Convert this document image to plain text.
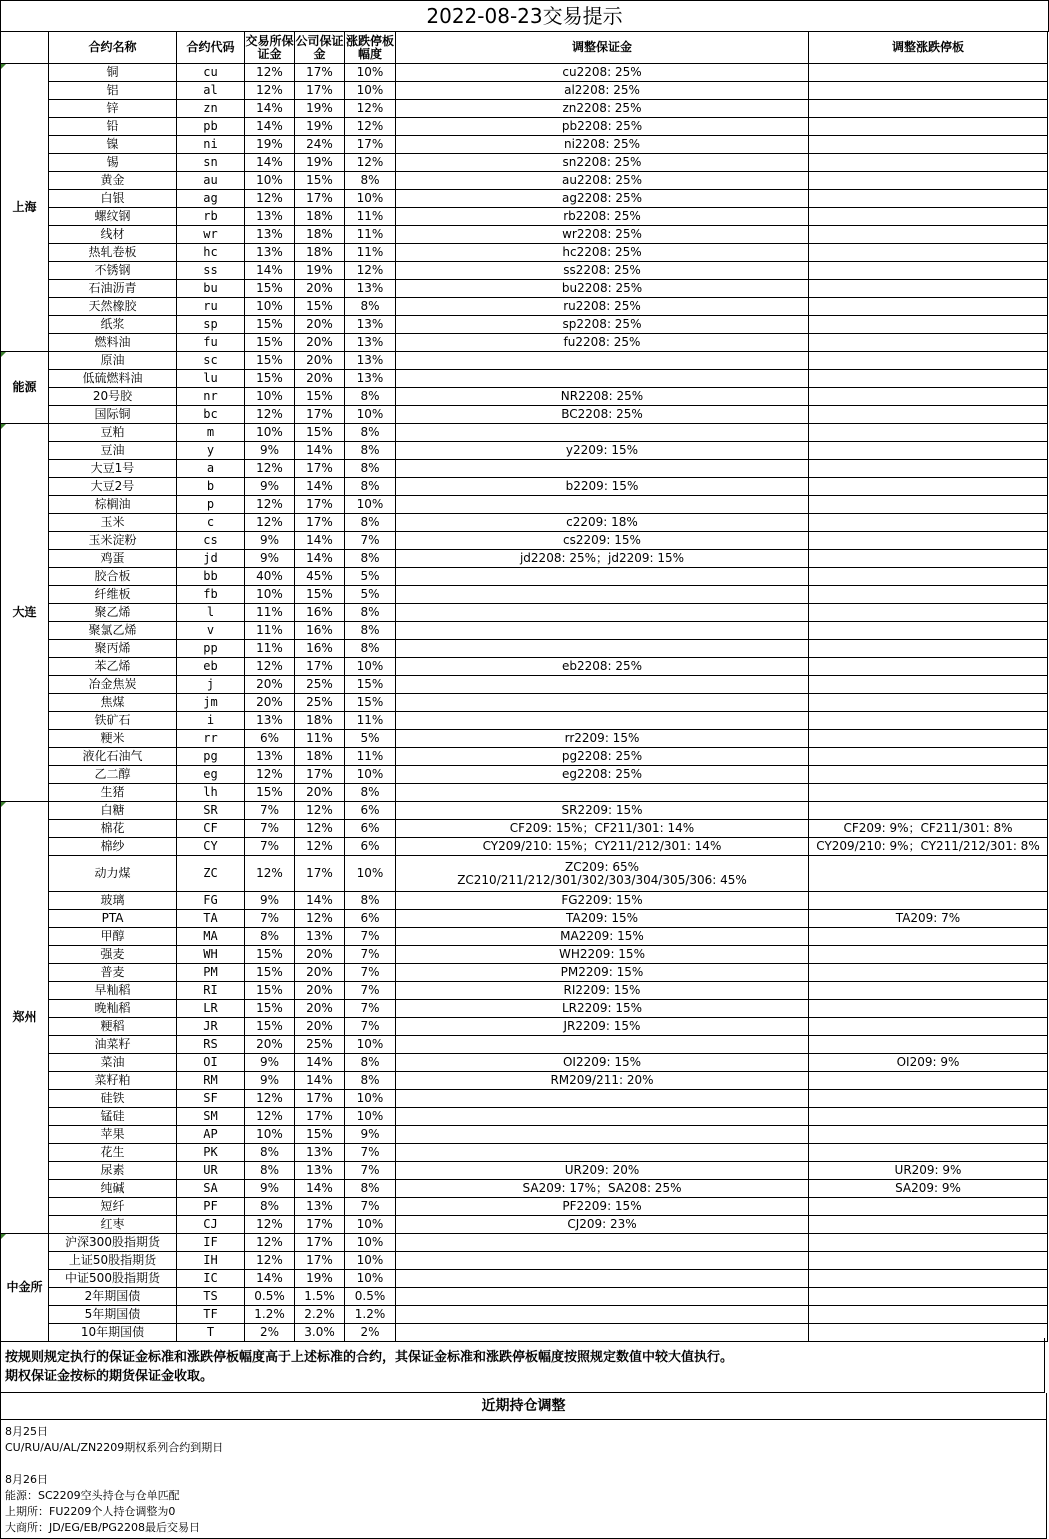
2022-08-23交易提示
	合约名称	合约代码	交易所保证金	公司保证金	涨跌停板幅度	调整保证金	调整涨跌停板

上海	铜	cu	12%	17%	10%	cu2208: 25%	
	铝	al	12%	17%	10%	al2208: 25%	
	锌	zn	14%	19%	12%	zn2208: 25%	
	铅	pb	14%	19%	12%	pb2208: 25%	
	镍	ni	19%	24%	17%	ni2208: 25%	
	锡	sn	14%	19%	12%	sn2208: 25%	
	黄金	au	10%	15%	8%	au2208: 25%	
	白银	ag	12%	17%	10%	ag2208: 25%	
	螺纹钢	rb	13%	18%	11%	rb2208: 25%	
	线材	wr	13%	18%	11%	wr2208: 25%	
	热轧卷板	hc	13%	18%	11%	hc2208: 25%	
	不锈钢	ss	14%	19%	12%	ss2208: 25%	
	石油沥青	bu	15%	20%	13%	bu2208: 25%	
	天然橡胶	ru	10%	15%	8%	ru2208: 25%	
	纸浆	sp	15%	20%	13%	sp2208: 25%	
	燃料油	fu	15%	20%	13%	fu2208: 25%	

能源	原油	sc	15%	20%	13%		
	低硫燃料油	lu	15%	20%	13%		
	20号胶	nr	10%	15%	8%	NR2208: 25%	
	国际铜	bc	12%	17%	10%	BC2208: 25%	

大连	豆粕	m	10%	15%	8%		
	豆油	y	9%	14%	8%	y2209: 15%	
	大豆1号	a	12%	17%	8%		
	大豆2号	b	9%	14%	8%	b2209: 15%	
	棕榈油	p	12%	17%	10%		
	玉米	c	12%	17%	8%	c2209: 18%	
	玉米淀粉	cs	9%	14%	7%	cs2209: 15%	
	鸡蛋	jd	9%	14%	8%	jd2208: 25%；jd2209: 15%	
	胶合板	bb	40%	45%	5%		
	纤维板	fb	10%	15%	5%		
	聚乙烯	l	11%	16%	8%		
	聚氯乙烯	v	11%	16%	8%		
	聚丙烯	pp	11%	16%	8%		
	苯乙烯	eb	12%	17%	10%	eb2208: 25%	
	冶金焦炭	j	20%	25%	15%		
	焦煤	jm	20%	25%	15%		
	铁矿石	i	13%	18%	11%		
	粳米	rr	6%	11%	5%	rr2209: 15%	
	液化石油气	pg	13%	18%	11%	pg2208: 25%	
	乙二醇	eg	12%	17%	10%	eg2208: 25%	
	生猪	lh	15%	20%	8%		

郑州	白糖	SR	7%	12%	6%	SR2209: 15%	
	棉花	CF	7%	12%	6%	CF209: 15%；CF211/301: 14%	CF209: 9%；CF211/301: 8%
	棉纱	CY	7%	12%	6%	CY209/210: 15%；CY211/212/301: 14%	CY209/210: 9%；CY211/212/301: 8%
	动力煤	ZC	12%	17%	10%	ZC209: 65%
ZC210/211/212/301/302/303/304/305/306: 45%	

	玻璃	FG	9%	14%	8%	FG2209: 15%	
	PTA	TA	7%	12%	6%	TA209: 15%	TA209: 7%
	甲醇	MA	8%	13%	7%	MA2209: 15%	
	强麦	WH	15%	20%	7%	WH2209: 15%	
	普麦	PM	15%	20%	7%	PM2209: 15%	
	早籼稻	RI	15%	20%	7%	RI2209: 15%	
	晚籼稻	LR	15%	20%	7%	LR2209: 15%	
	粳稻	JR	15%	20%	7%	JR2209: 15%	
	油菜籽	RS	20%	25%	10%		
	菜油	OI	9%	14%	8%	OI2209: 15%	OI209: 9%
	菜籽粕	RM	9%	14%	8%	RM209/211: 20%	
	硅铁	SF	12%	17%	10%		
	锰硅	SM	12%	17%	10%		
	苹果	AP	10%	15%	9%		
	花生	PK	8%	13%	7%		
	尿素	UR	8%	13%	7%	UR209: 20%	UR209: 9%
	纯碱	SA	9%	14%	8%	SA209: 17%；SA208: 25%	SA209: 9%
	短纤	PF	8%	13%	7%	PF2209: 15%	
	红枣	CJ	12%	17%	10%	CJ209: 23%	

中金所	沪深300股指期货	IF	12%	17%	10%		
	上证50股指期货	IH	12%	17%	10%		
	中证500股指期货	IC	14%	19%	10%		
	2年期国债	TS	0.5%	1.5%	0.5%		
	5年期国债	TF	1.2%	2.2%	1.2%		
	10年期国债	T	2%	3.0%	2%		
按规则规定执行的保证金标准和涨跌停板幅度高于上述标准的合约，其保证金标准和涨跌停板幅度按照规定数值中较大值执行。
期权保证金按标的期货保证金收取。
近期持仓调整
8月25日
CU/RU/AU/AL/ZN2209期权系列合约到期日
8月26日
能源：SC2209空头持仓与仓单匹配
上期所：FU2209个人持仓调整为0
大商所：JD/EG/EB/PG2208最后交易日
